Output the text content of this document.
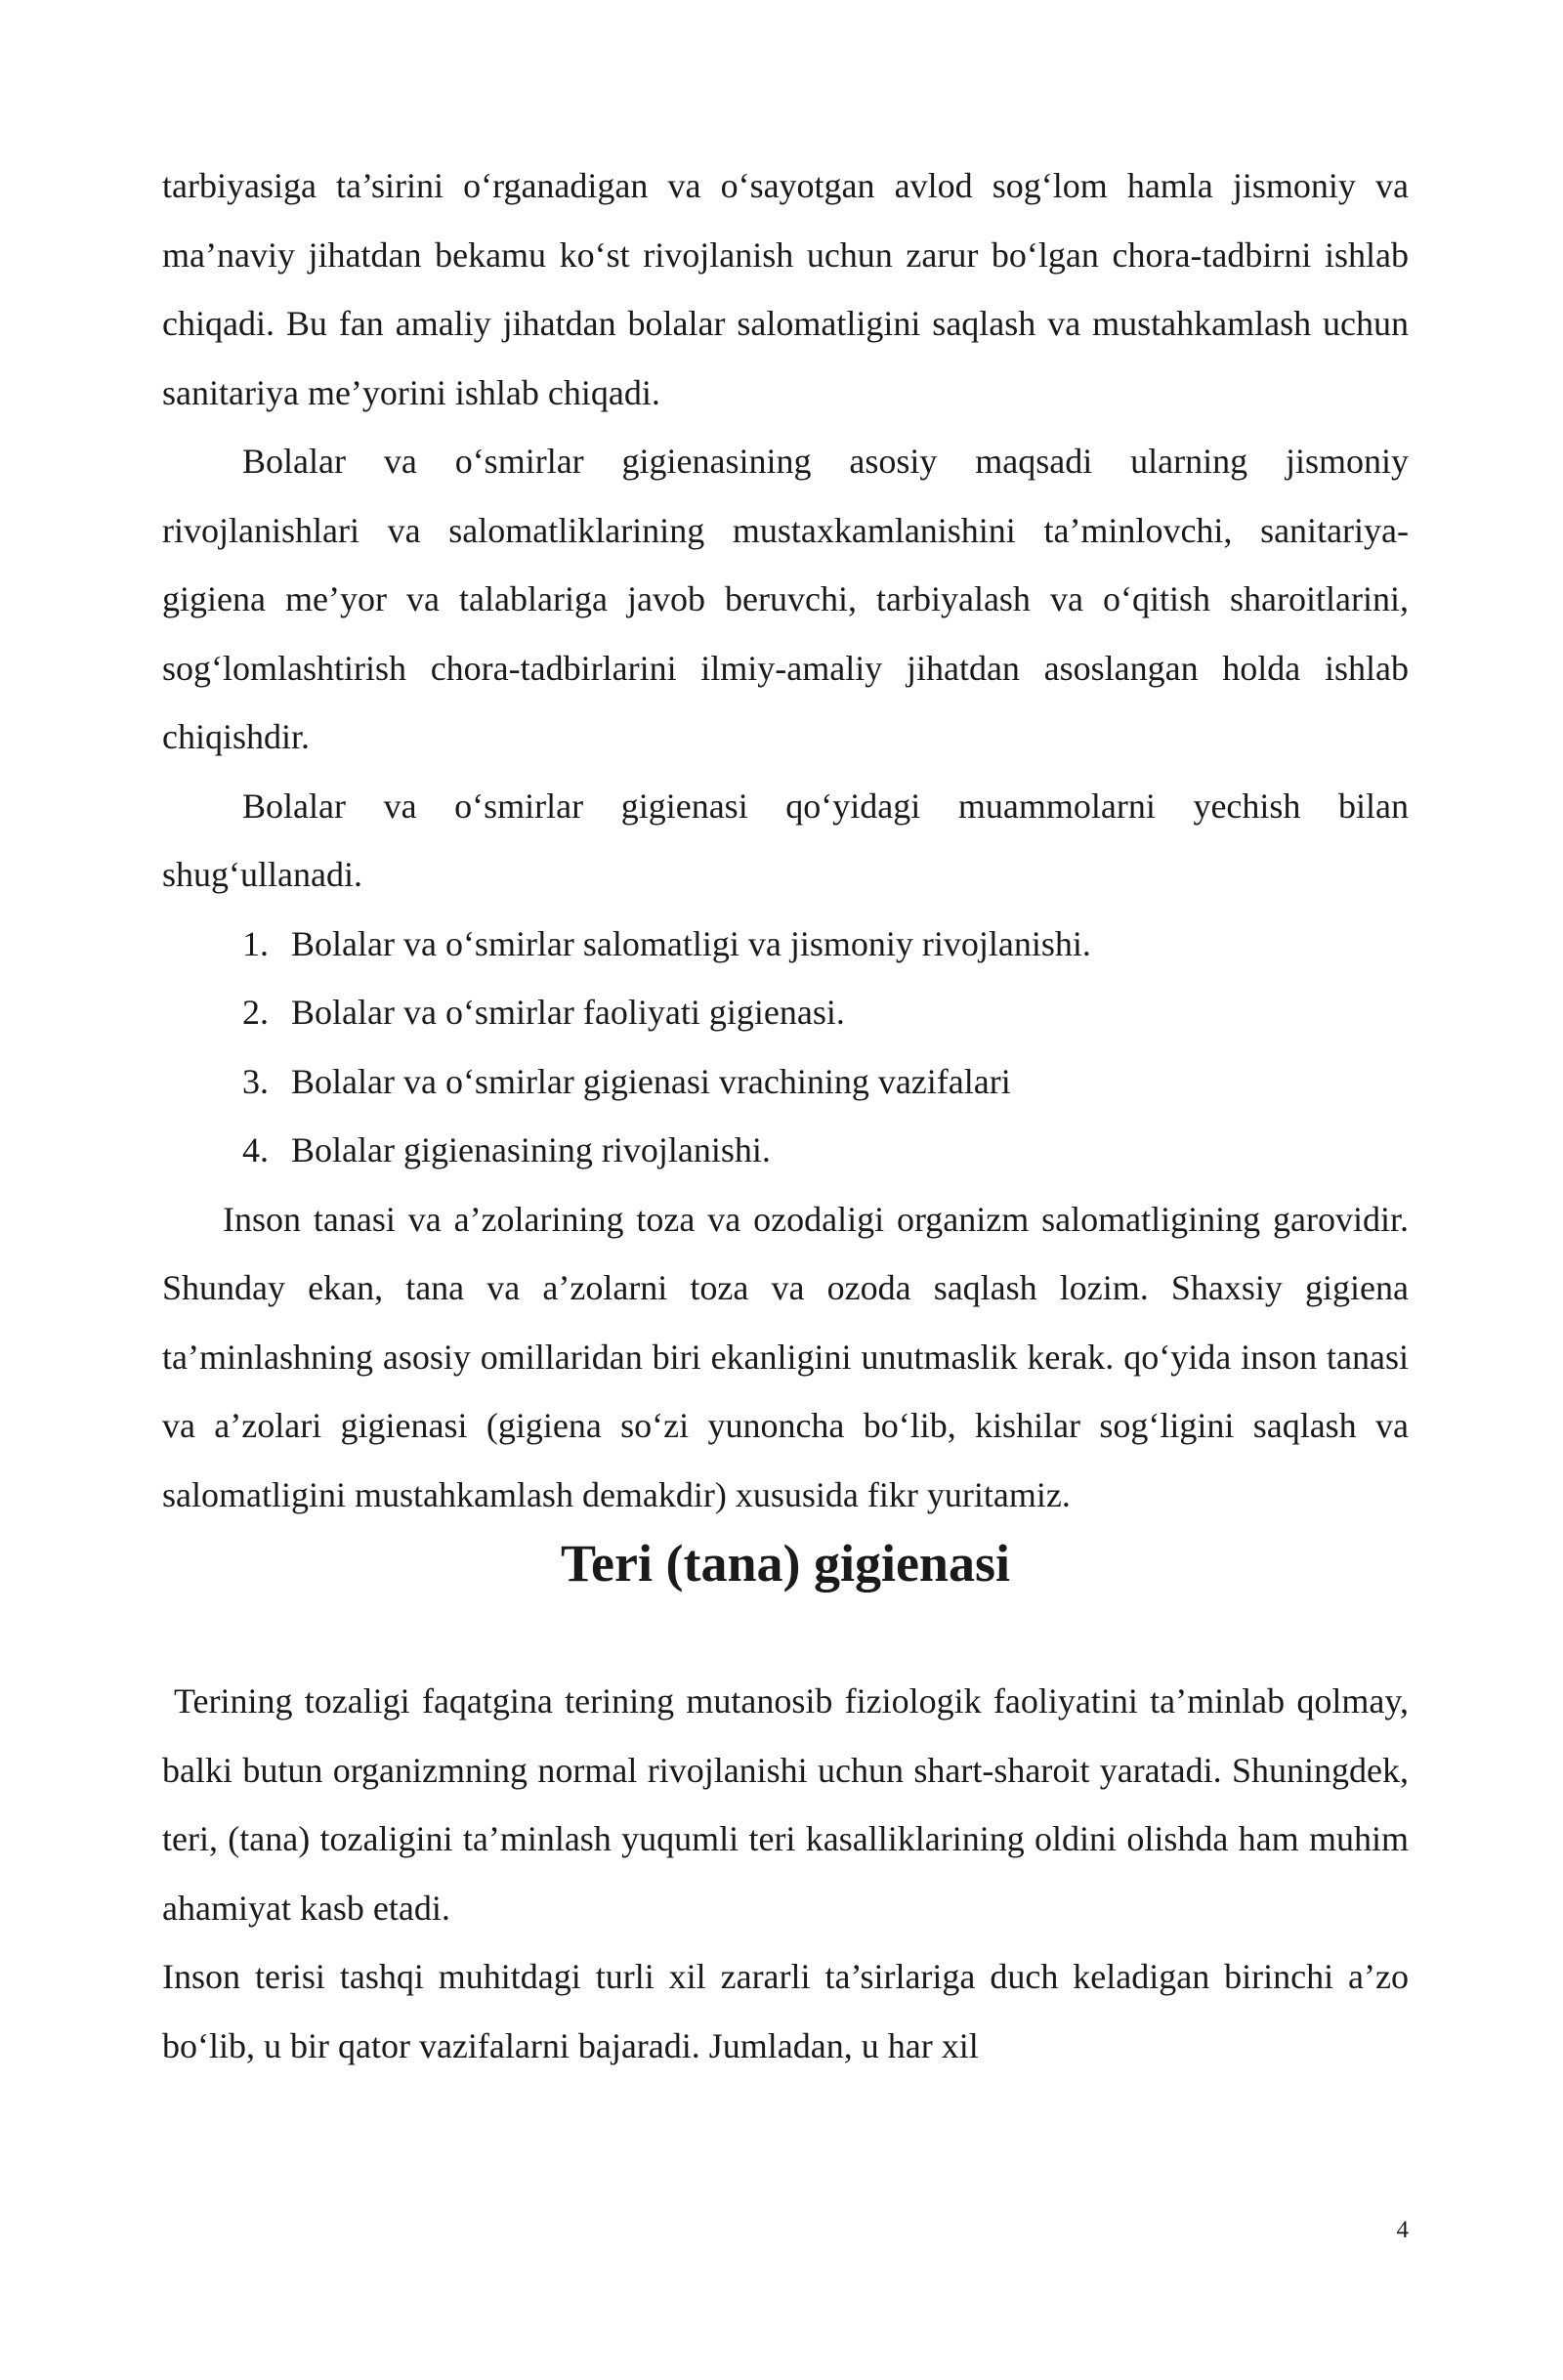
tarbiyasiga ta’sirini o‘rganadigan va o‘sayotgan avlod sog‘lom hamla jismoniy va ma’naviy jihatdan bekamu ko‘st rivojlanish uchun zarur bo‘lgan chora-tadbirni ishlab chiqadi. Bu fan amaliy jihatdan bolalar salomatligini saqlash va mustahkamlash uchun sanitariya me’yorini ishlab chiqadi.

Bolalar va o‘smirlar gigienasining asosiy maqsadi ularning jismoniy rivojlanishlari va salomatliklarining mustaxkamlanishini ta’minlovchi, sanitariya-gigiena me’yor va talablariga javob beruvchi, tarbiyalash va o‘qitish sharoitlarini, sog‘lomlashtirish chora-tadbirlarini ilmiy-amaliy jihatdan asoslangan holda ishlab chiqishdir.

Bolalar va o‘smirlar gigienasi qo‘yidagi muammolarni yechish bilan shug‘ullanadi.

1. Bolalar va o‘smirlar salomatligi va jismoniy rivojlanishi.
2. Bolalar va o‘smirlar faoliyati gigienasi.
3. Bolalar va o‘smirlar gigienasi vrachining vazifalari
4. Bolalar gigienasining rivojlanishi.

Inson tanasi va a’zolarining toza va ozodaligi organizm salomatligining garovidir. Shunday ekan, tana va a’zolarni toza va ozoda saqlash lozim. Shaxsiy gigiena ta’minlashning asosiy omillaridan biri ekanligini unutmaslik kerak. qo‘yida inson tanasi va a’zolari gigienasi (gigiena so‘zi yunoncha bo‘lib, kishilar sog‘ligini saqlash va salomatligini mustahkamlash demakdir) xususida fikr yuritamiz.

Teri (tana) gigienasi

Terining tozaligi faqatgina terining mutanosib fiziologik faoliyatini ta’minlab qolmay, balki butun organizmning normal rivojlanishi uchun shart-sharoit yaratadi. Shuningdek, teri, (tana) tozaligini ta’minlash yuqumli teri kasalliklarining oldini olishda ham muhim ahamiyat kasb etadi.

Inson terisi tashqi muhitdagi turli xil zararli ta’sirlariga duch keladigan birinchi a’zo bo‘lib, u bir qator vazifalarni bajaradi. Jumladan, u har xil

4
